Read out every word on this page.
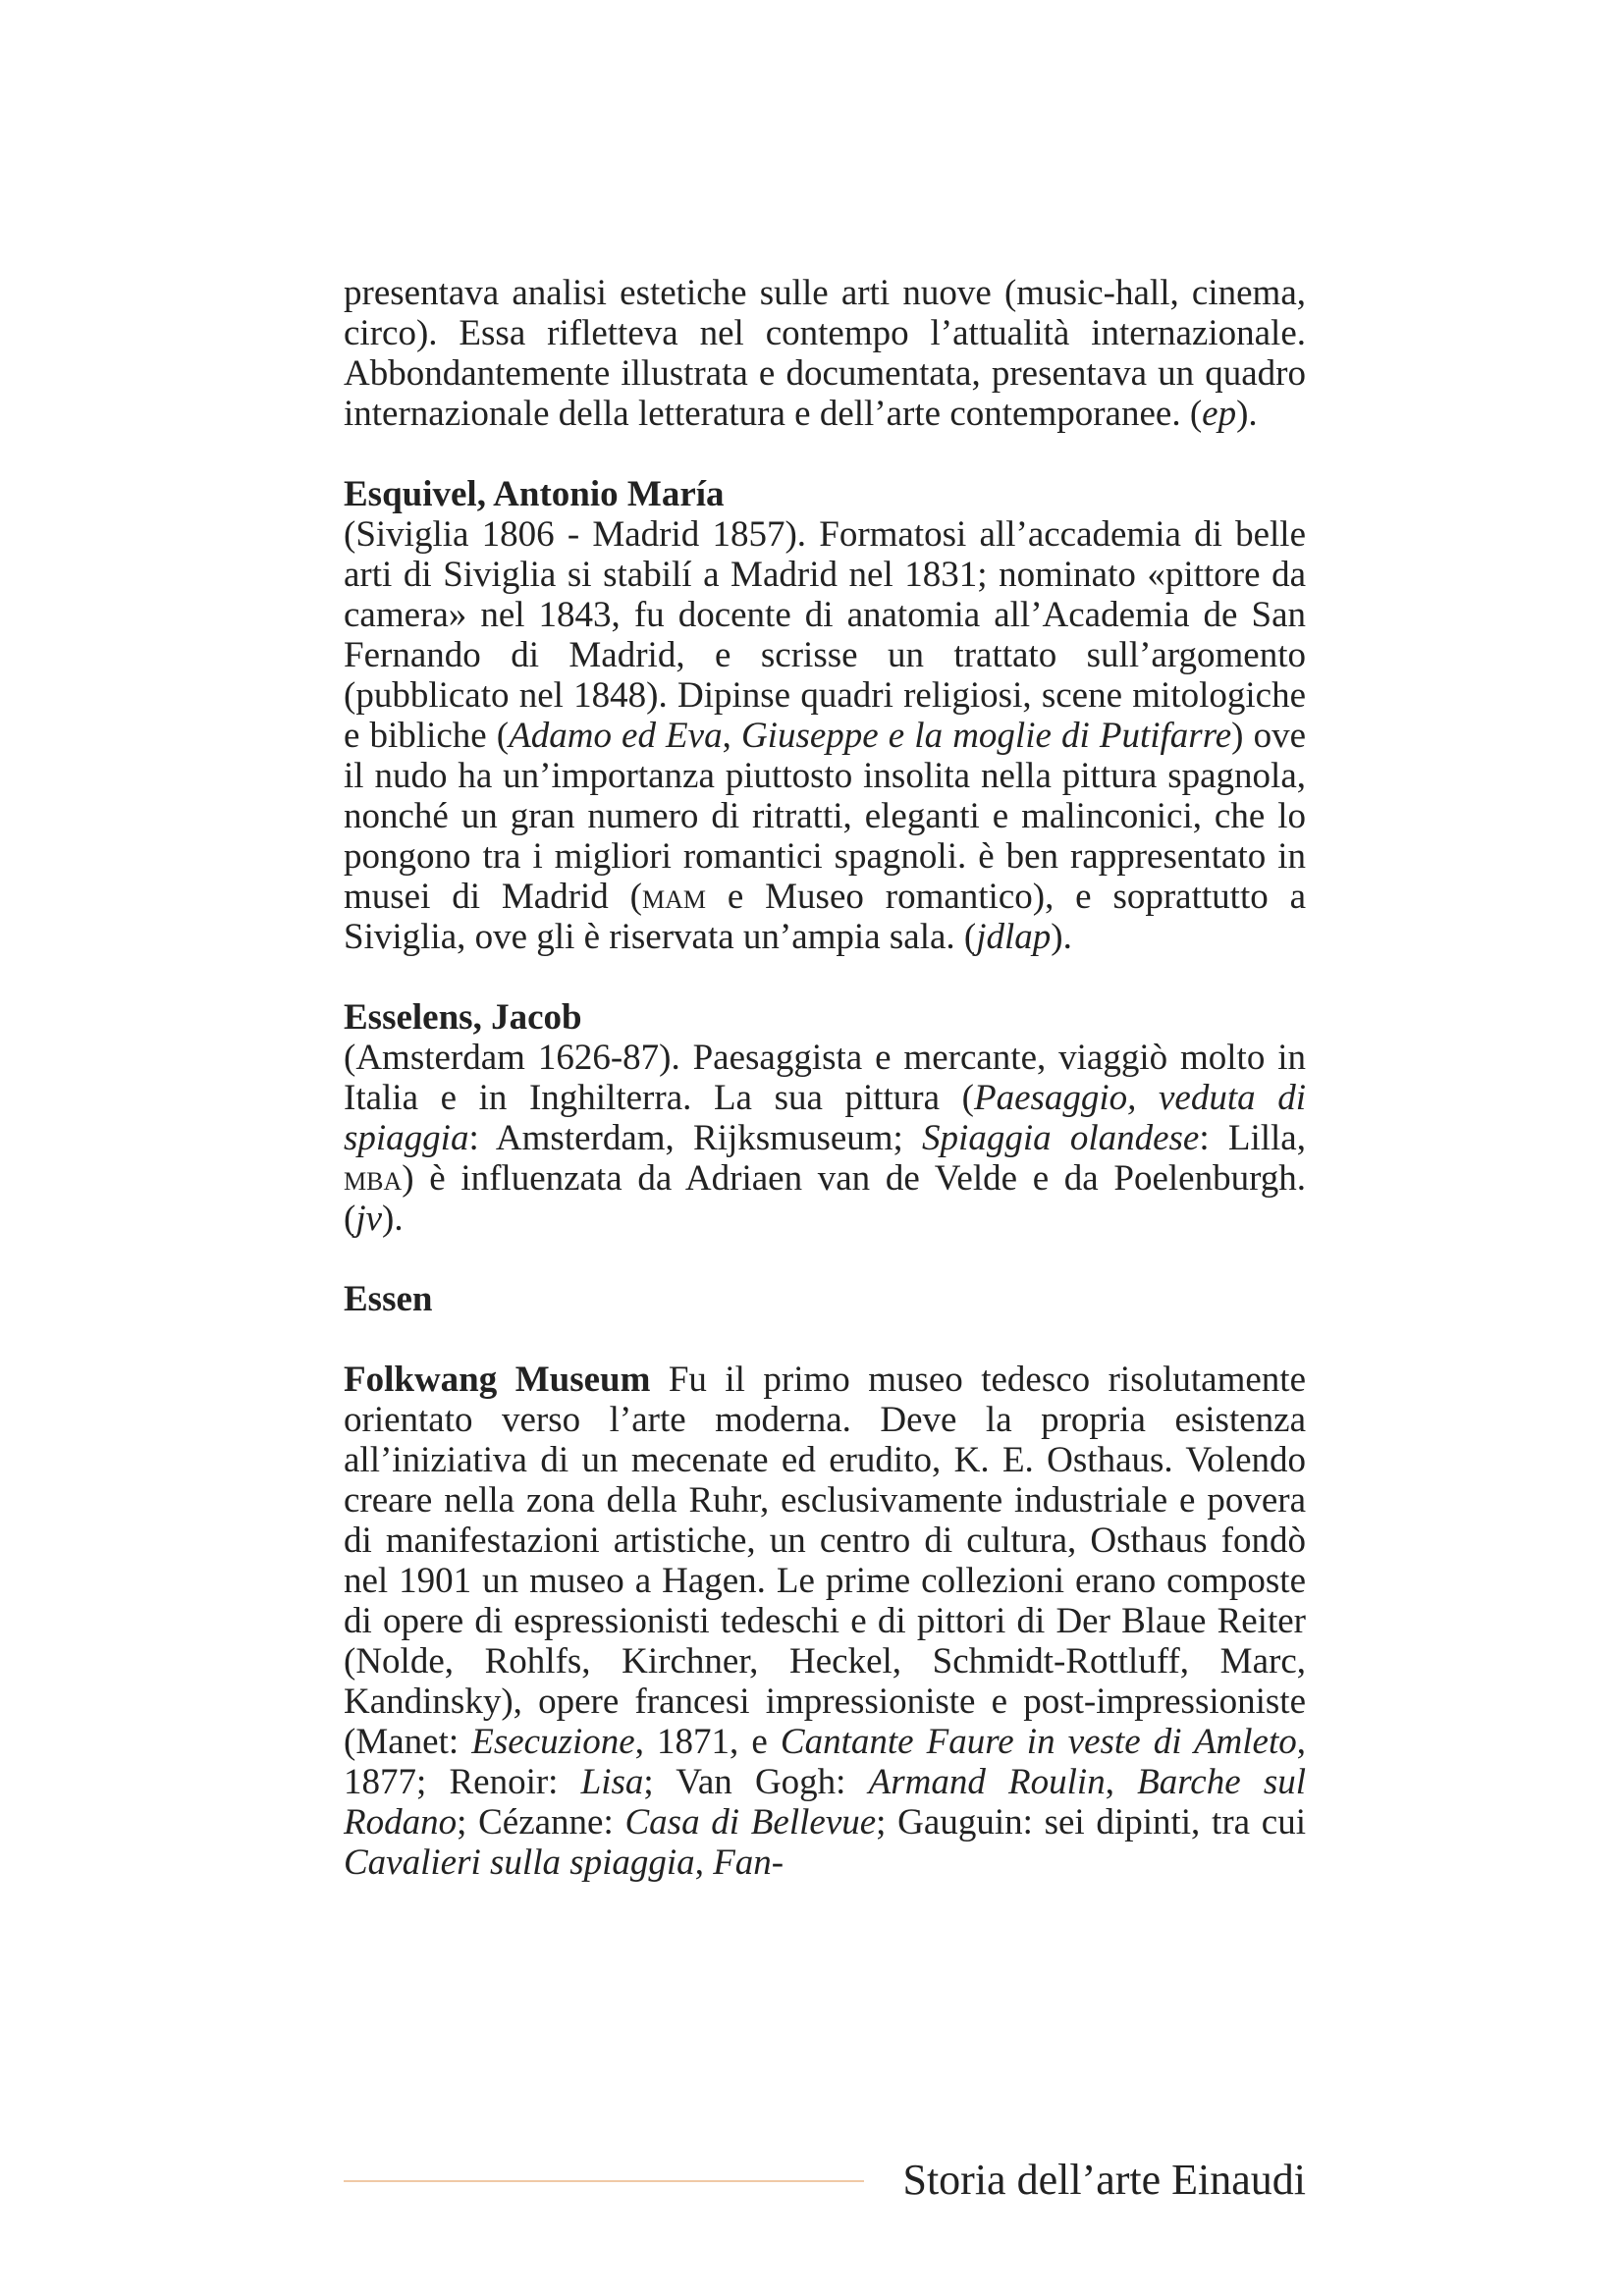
presentava analisi estetiche sulle arti nuove (music-hall, cinema, circo). Essa rifletteva nel contempo l’attualità internazionale. Abbondantemente illustrata e documentata, presentava un quadro internazionale della letteratura e dell’arte contemporanee. (ep).

Esquivel, Antonio María

(Siviglia 1806 - Madrid 1857). Formatosi all’accademia di belle arti di Siviglia si stabilí a Madrid nel 1831; nominato «pittore da camera» nel 1843, fu docente di anatomia all’Academia de San Fernando di Madrid, e scrisse un trattato sull’argomento (pubblicato nel 1848). Dipinse quadri religiosi, scene mitologiche e bibliche (Adamo ed Eva, Giuseppe e la moglie di Putifarre) ove il nudo ha un’importanza piuttosto insolita nella pittura spagnola, nonché un gran numero di ritratti, eleganti e malinconici, che lo pongono tra i migliori romantici spagnoli. è ben rappresentato in musei di Madrid (mam e Museo romantico), e soprattutto a Siviglia, ove gli è riservata un’ampia sala. (jdlap).

Esselens, Jacob

(Amsterdam 1626-87). Paesaggista e mercante, viaggiò molto in Italia e in Inghilterra. La sua pittura (Paesaggio, veduta di spiaggia: Amsterdam, Rijksmuseum; Spiaggia olandese: Lilla, mba) è influenzata da Adriaen van de Velde e da Poelenburgh. (jv).

Essen

Folkwang Museum Fu il primo museo tedesco risolutamente orientato verso l’arte moderna. Deve la propria esistenza all’iniziativa di un mecenate ed erudito, K. E. Osthaus. Volendo creare nella zona della Ruhr, esclusivamente industriale e povera di manifestazioni artistiche, un centro di cultura, Osthaus fondò nel 1901 un museo a Hagen. Le prime collezioni erano composte di opere di espressionisti tedeschi e di pittori di Der Blaue Reiter (Nolde, Rohlfs, Kirchner, Heckel, Schmidt-Rottluff, Marc, Kandinsky), opere francesi impressioniste e post-impressioniste (Manet: Esecuzione, 1871, e Cantante Faure in veste di Amleto, 1877; Renoir: Lisa; Van Gogh: Armand Roulin, Barche sul Rodano; Cézanne: Casa di Bellevue; Gauguin: sei dipinti, tra cui Cavalieri sulla spiaggia, Fan-

Storia dell’arte Einaudi
